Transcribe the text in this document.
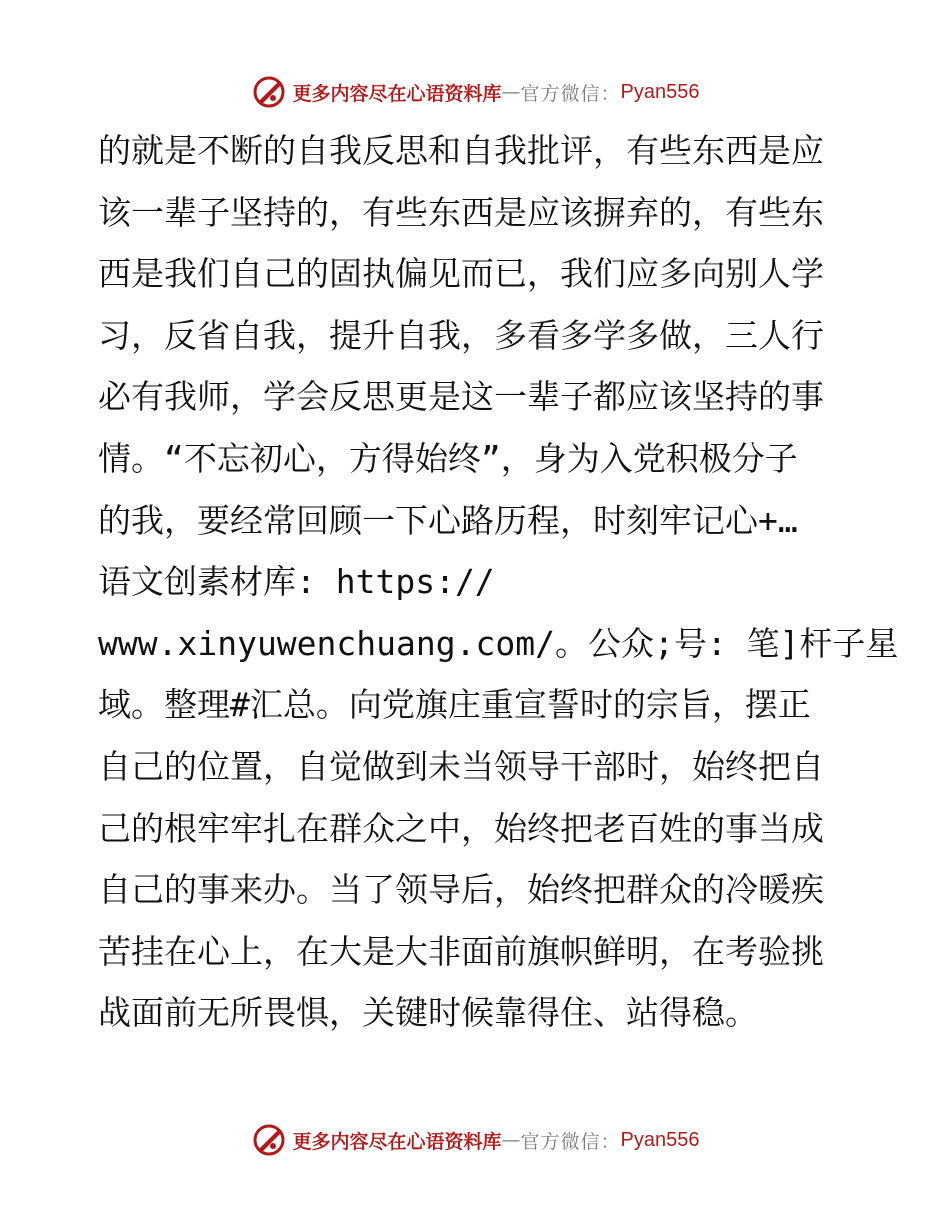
更多内容尽在心语资料库 — 官方微信： Pyan556
的就是不断的自我反思和自我批评，有些东西是应
该一辈子坚持的，有些东西是应该摒弃的，有些东
西是我们自己的固执偏见而已，我们应多向别人学
习，反省自我，提升自我，多看多学多做，三人行
必有我师，学会反思更是这一辈子都应该坚持的事
情。“不忘初心，方得始终”，身为入党积极分子
的我，要经常回顾一下心路历程，时刻牢记心+…
语文创素材库: https://
www.xinyuwenchuang.com/。公众;号: 笔]杆子星
域。整理#汇总。向党旗庄重宣誓时的宗旨，摆正
自己的位置，自觉做到未当领导干部时，始终把自
己的根牢牢扎在群众之中，始终把老百姓的事当成
自己的事来办。当了领导后，始终把群众的冷暖疾
苦挂在心上，在大是大非面前旗帜鲜明，在考验挑
战面前无所畏惧，关键时候靠得住、站得稳。
更多内容尽在心语资料库 — 官方微信： Pyan556
